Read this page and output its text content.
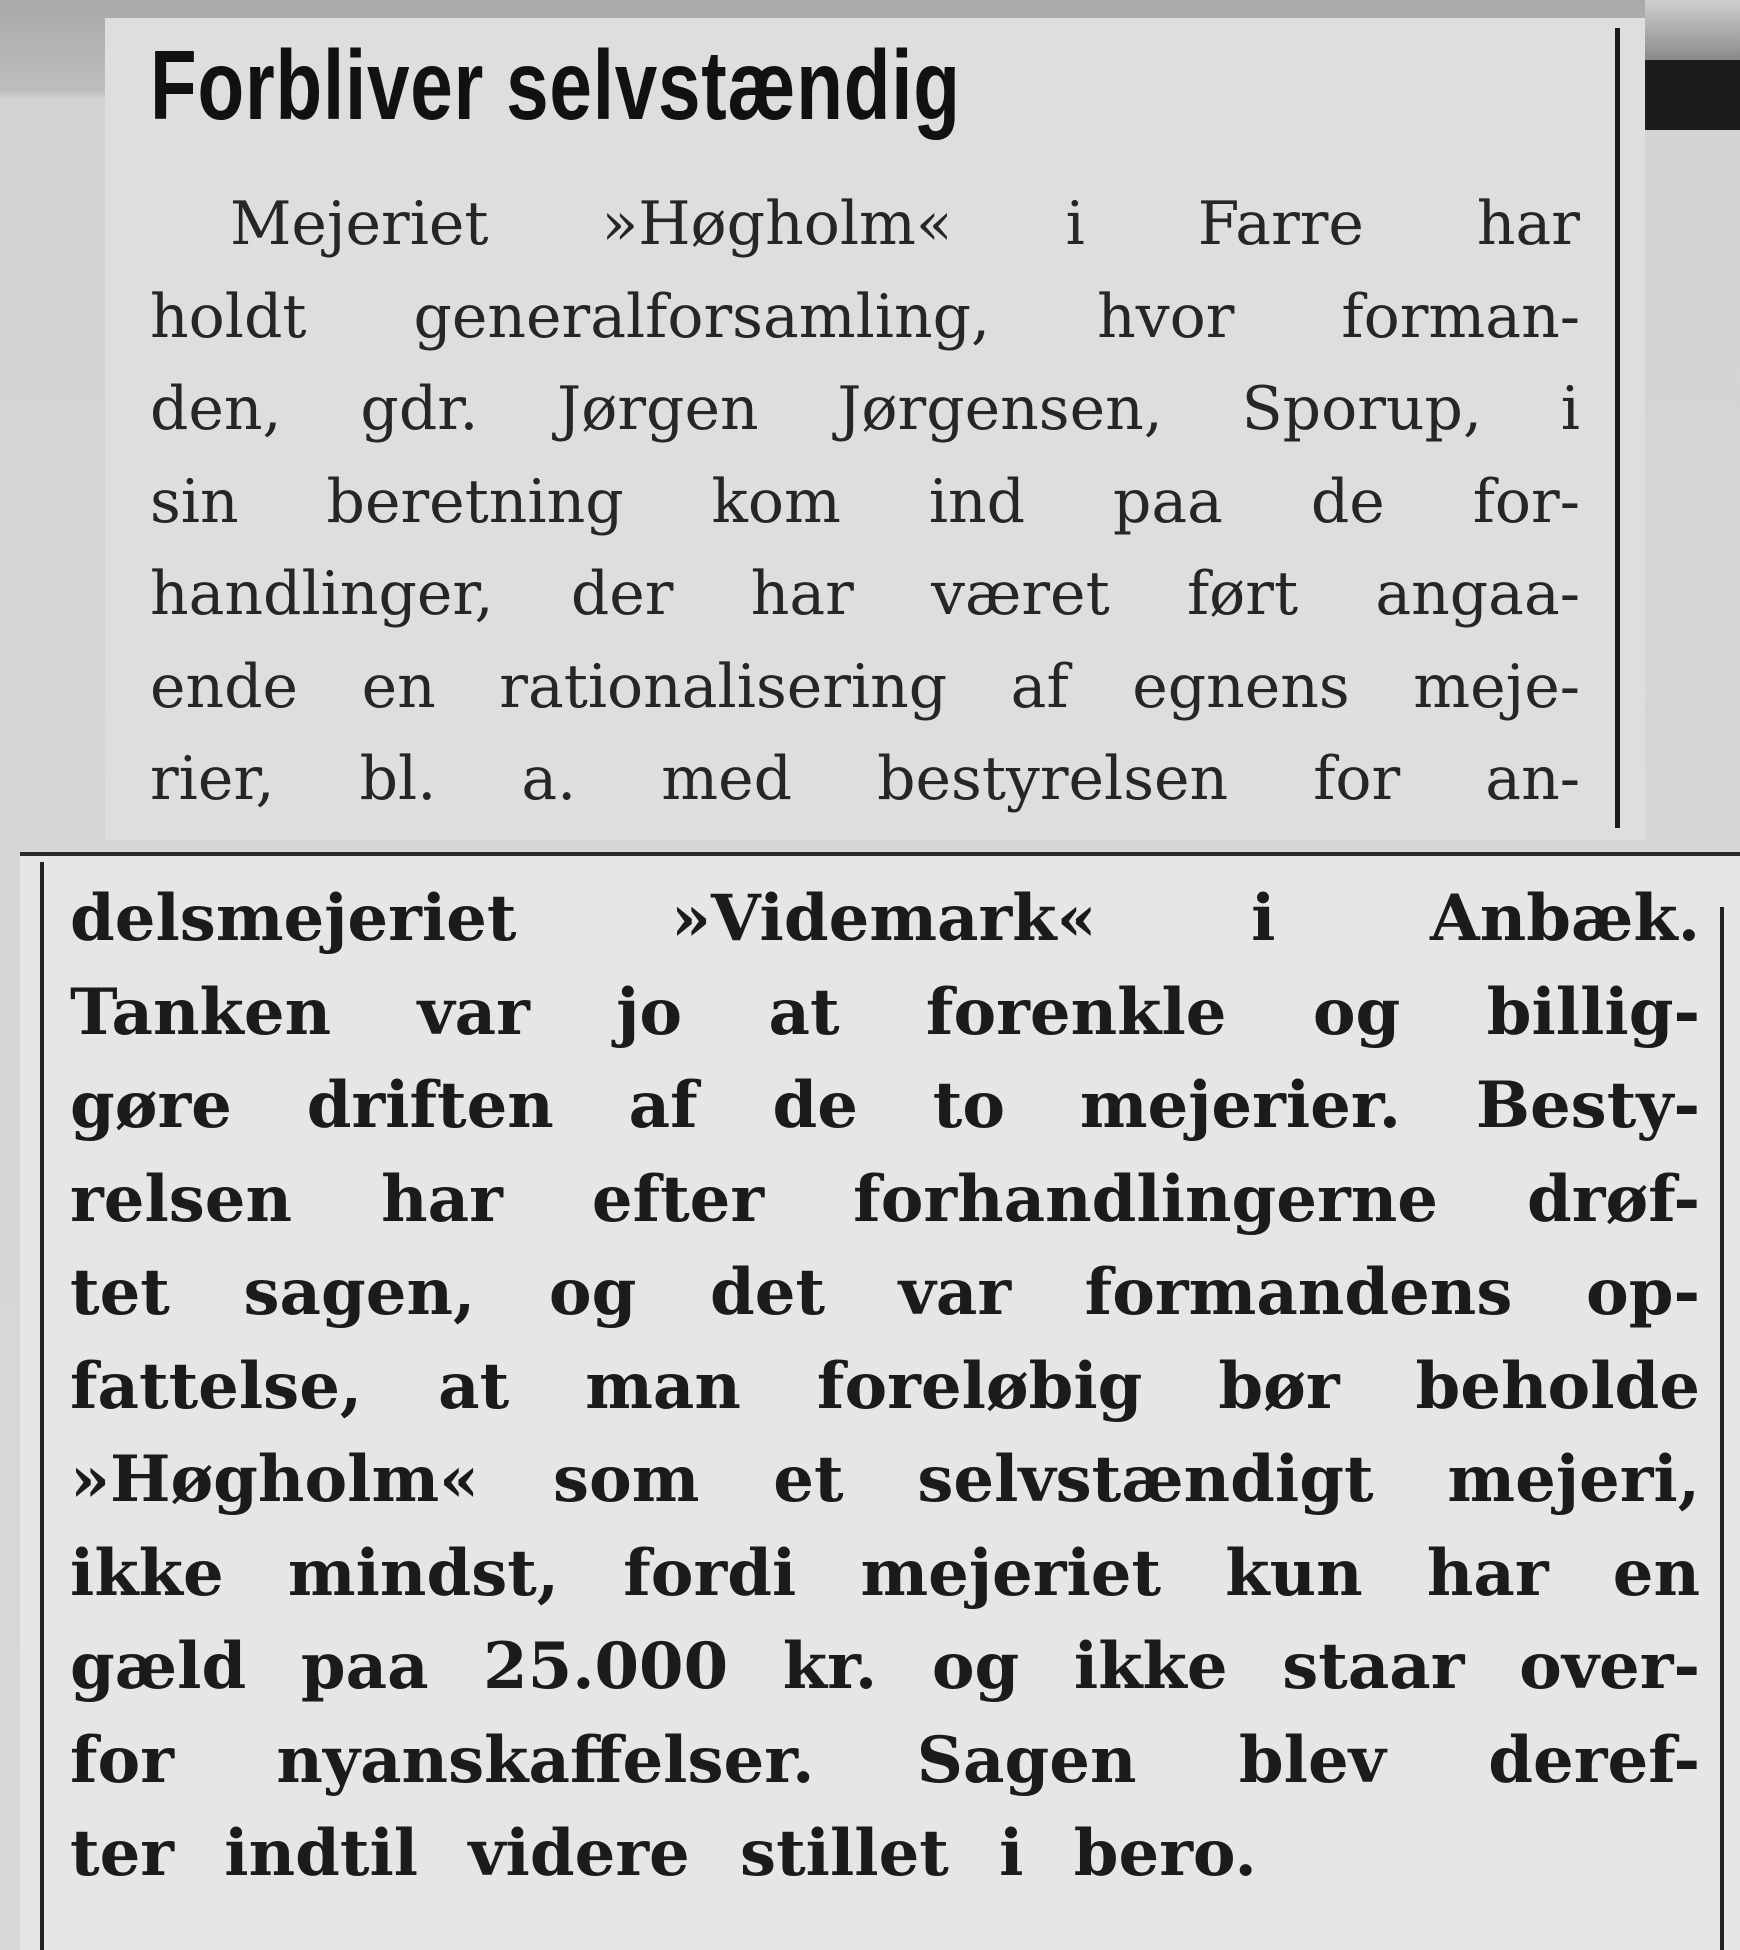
Forbliver selvstændig
Mejeriet »Høgholm« i Farre har
holdt generalforsamling, hvor forman-
den, gdr. Jørgen Jørgensen, Sporup, i
sin beretning kom ind paa de for-
handlinger, der har været ført angaa-
ende en rationalisering af egnens meje-
rier, bl. a. med bestyrelsen for an-
delsmejeriet »Videmark« i Anbæk.
Tanken var jo at forenkle og billig-
gøre driften af de to mejerier. Besty-
relsen har efter forhandlingerne drøf-
tet sagen, og det var formandens op-
fattelse, at man foreløbig bør beholde
»Høgholm« som et selvstændigt mejeri,
ikke mindst, fordi mejeriet kun har en
gæld paa 25.000 kr. og ikke staar over-
for nyanskaffelser. Sagen blev deref-
ter indtil videre stillet i bero.
